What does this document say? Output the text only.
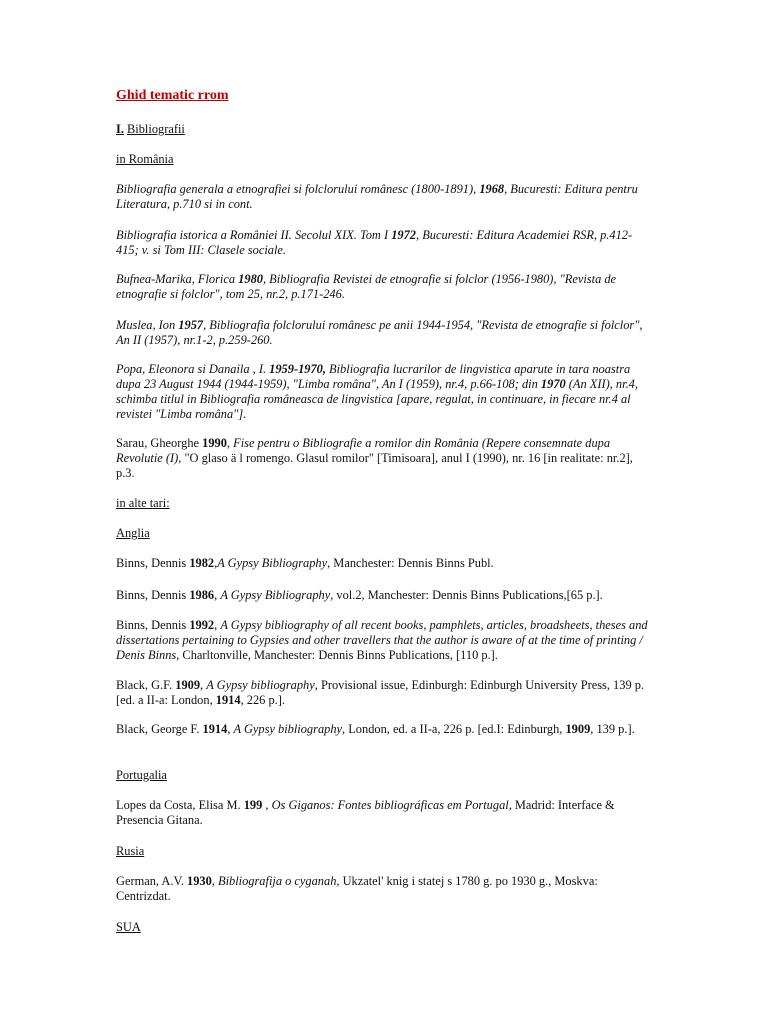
Ghid tematic rrom

I. Bibliografii

in România

Bibliografia generala a etnografiei si folclorului românesc (1800-1891), 1968, Bucuresti: Editura pentru Literatura, p.710 si in cont.

Bibliografia istorica a României II. Secolul XIX. Tom I 1972, Bucuresti: Editura Academiei RSR, p.412-415; v. si Tom III: Clasele sociale.

Bufnea-Marika, Florica 1980, Bibliografia Revistei de etnografie si folclor (1956-1980), "Revista de etnografie si folclor", tom 25, nr.2, p.171-246.

Muslea, Ion 1957, Bibliografia folclorului românesc pe anii 1944-1954, "Revista de etnografie si folclor", An II (1957), nr.1-2, p.259-260.

Popa, Eleonora si Danaila , I. 1959-1970, Bibliografia lucrarilor de lingvistica aparute in tara noastra dupa 23 August 1944 (1944-1959), "Limba româna", An I (1959), nr.4, p.66-108; din 1970 (An XII), nr.4, schimba titlul in Bibliografia româneasca de lingvistica [apare, regulat, in continuare, in fiecare nr.4 al revistei "Limba româna"].

Sarau, Gheorghe 1990, Fise pentru o Bibliografie a romilor din România (Repere consemnate dupa Revolutie (I), "O glaso ä l romengo. Glasul romilor" [Timisoara], anul I (1990), nr. 16 [in realitate: nr.2], p.3.

in alte tari:

Anglia

Binns, Dennis 1982,A Gypsy Bibliography, Manchester: Dennis Binns Publ.

Binns, Dennis 1986, A Gypsy Bibliography, vol.2, Manchester: Dennis Binns Publications,[65 p.].

Binns, Dennis 1992, A Gypsy bibliography of all recent books, pamphlets, articles, broadsheets, theses and dissertations pertaining to Gypsies and other travellers that the author is aware of at the time of printing / Denis Binns, Charltonville, Manchester: Dennis Binns Publications, [110 p.].

Black, G.F. 1909, A Gypsy bibliography, Provisional issue, Edinburgh: Edinburgh University Press, 139 p. [ed. a II-a: London, 1914, 226 p.].

Black, George F. 1914, A Gypsy bibliography, London, ed. a II-a, 226 p. [ed.I: Edinburgh, 1909, 139 p.].

Portugalia

Lopes da Costa, Elisa M. 199 , Os Giganos: Fontes bibliográficas em Portugal, Madrid: Interface & Presencia Gitana.

Rusia

German, A.V. 1930, Bibliografija o cyganah, Ukzatel' knig i statej s 1780 g. po 1930 g., Moskva: Centrizdat.

SUA
